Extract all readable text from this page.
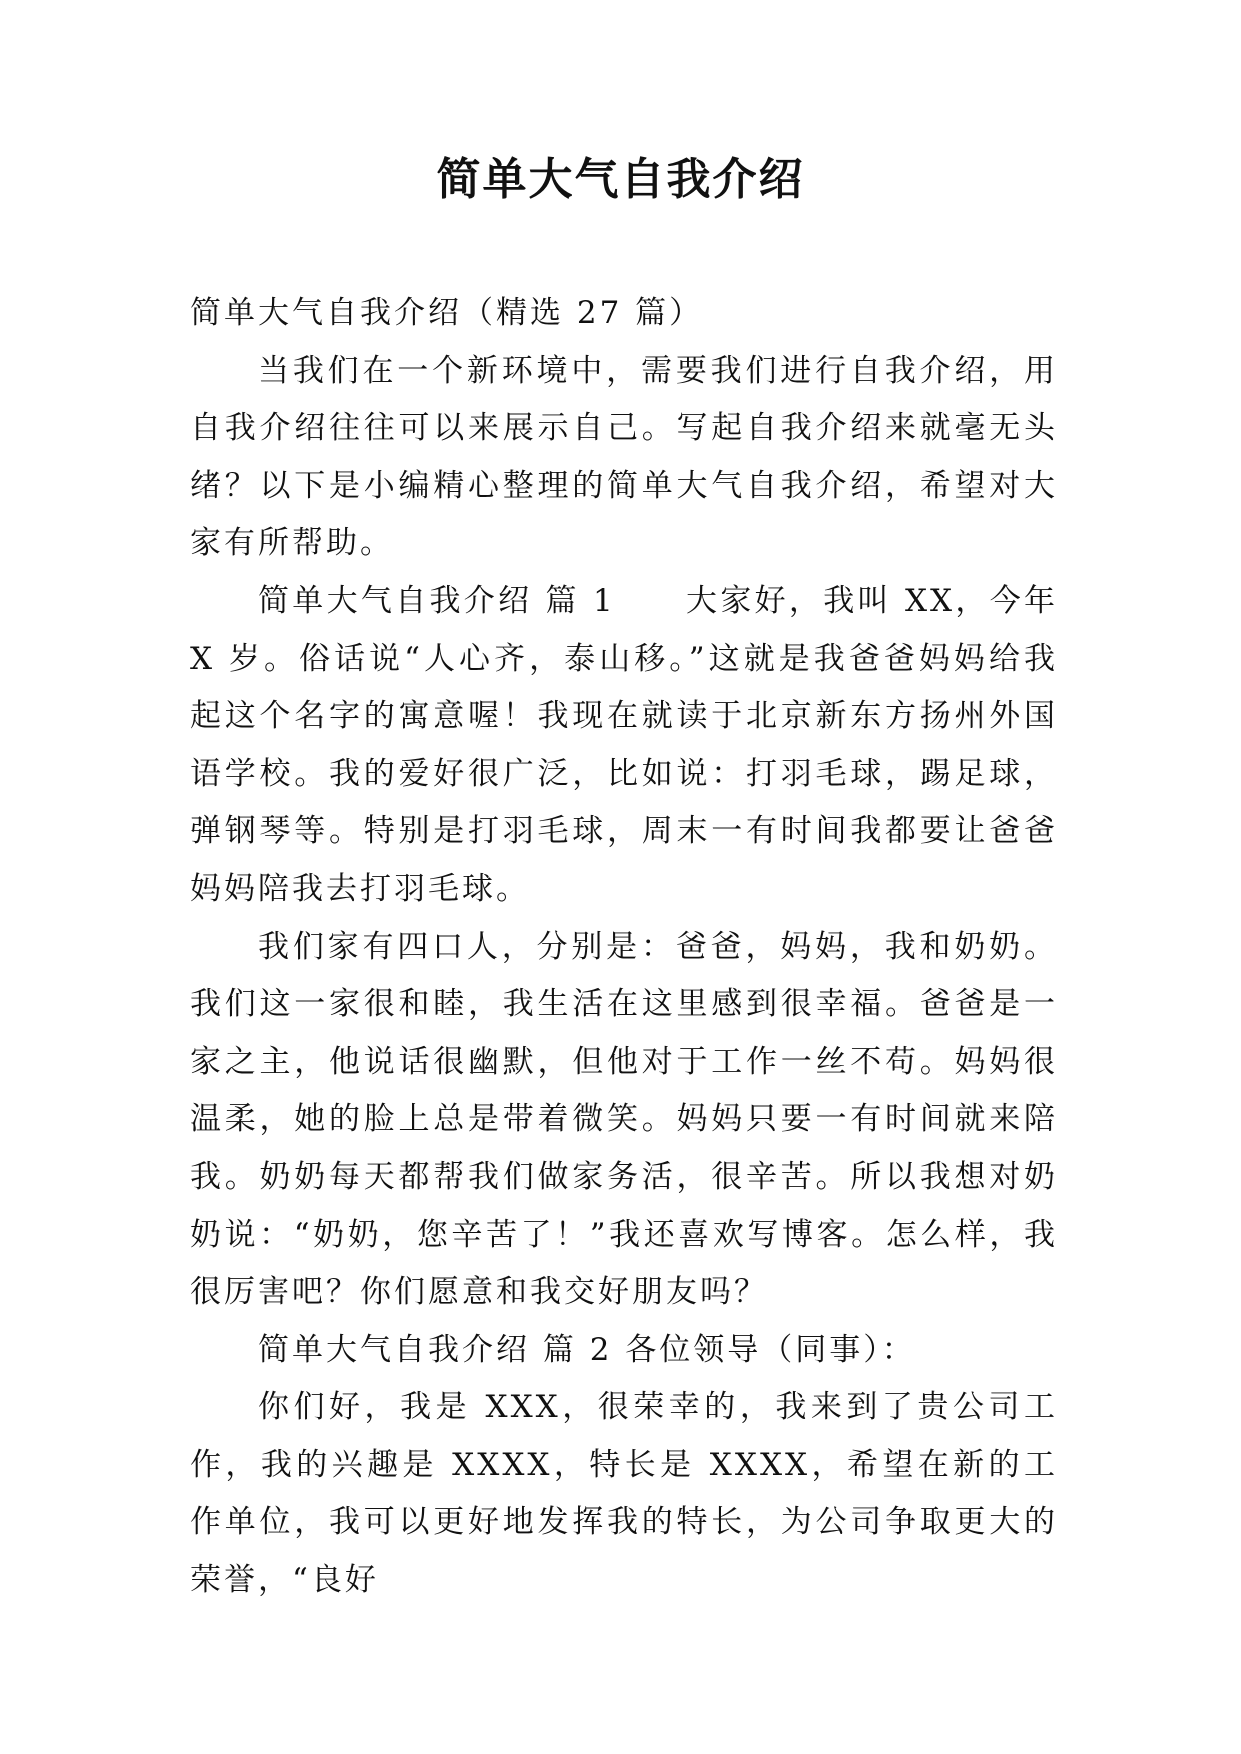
简单大气自我介绍

简单大气自我介绍（精选 27 篇）

当我们在一个新环境中，需要我们进行自我介绍，用自我介绍往往可以来展示自己。写起自我介绍来就毫无头绪？以下是小编精心整理的简单大气自我介绍，希望对大家有所帮助。

简单大气自我介绍 篇 1 大家好，我叫 XX，今年 X 岁。俗话说“人心齐，泰山移。”这就是我爸爸妈妈给我起这个名字的寓意喔！我现在就读于北京新东方扬州外国语学校。我的爱好很广泛，比如说：打羽毛球，踢足球，弹钢琴等。特别是打羽毛球，周末一有时间我都要让爸爸妈妈陪我去打羽毛球。

我们家有四口人，分别是：爸爸，妈妈，我和奶奶。我们这一家很和睦，我生活在这里感到很幸福。爸爸是一家之主，他说话很幽默，但他对于工作一丝不苟。妈妈很温柔，她的脸上总是带着微笑。妈妈只要一有时间就来陪我。奶奶每天都帮我们做家务活，很辛苦。所以我想对奶奶说：“奶奶，您辛苦了！”我还喜欢写博客。怎么样，我很厉害吧？你们愿意和我交好朋友吗？

简单大气自我介绍 篇 2 各位领导（同事）：

你们好，我是 XXX，很荣幸的，我来到了贵公司工作，我的兴趣是 XXXX，特长是 XXXX，希望在新的工作单位，我可以更好地发挥我的特长，为公司争取更大的荣誉，“良好
